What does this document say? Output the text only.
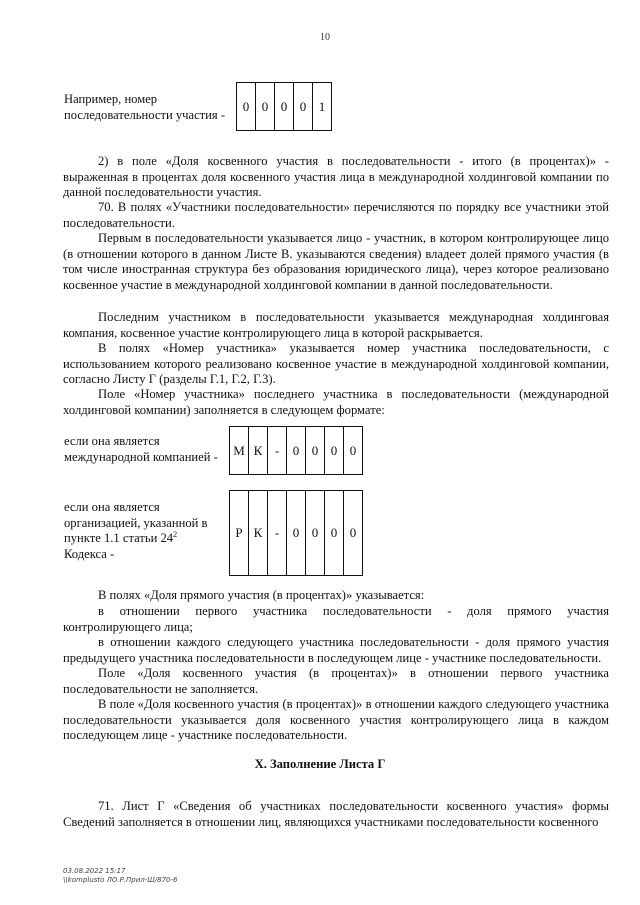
10
Например, номер
последовательности участия -
0 0 0 0 1
2) в поле «Доля косвенного участия в последовательности - итого (в процентах)» - выраженная в процентах доля косвенного участия лица в международной холдинговой компании по данной последовательности участия.
70. В полях «Участники последовательности» перечисляются по порядку все участники этой последовательности.
Первым в последовательности указывается лицо - участник, в котором контролирующее лицо (в отношении которого в данном Листе В. указываются сведения) владеет долей прямого участия (в том числе иностранная структура без образования юридического лица), через которое реализовано косвенное участие в международной холдинговой компании в данной последовательности.
Последним участником в последовательности указывается международная холдинговая компания, косвенное участие контролирующего лица в которой раскрывается.
В полях «Номер участника» указывается номер участника последовательности, с использованием которого реализовано косвенное участие в международной холдинговой компании, согласно Листу Г (разделы Г.1, Г.2, Г.3).
Поле «Номер участника» последнего участника в последовательности (международной холдинговой компании) заполняется в следующем формате:
если она является
международной компанией - М К -	0 0 0 0
если она является
организацией, указанной в
пункте 1.1 статьи $24^2$
Кодекса -
Р К -	0 0 0 0
В полях «Доля прямого участия (в процентах)» указывается:
в отношении первого участника последовательности - доля прямого участия контролирующего лица;
в отношении каждого следующего участника последовательности - доля прямого участия предыдущего участника последовательности в последующем лице - участнике последовательности.
Поле «Доля косвенного участия (в процентах)» в отношении первого участника последовательности не заполняется.
В поле «Доля косвенного участия (в процентах)» в отношении каждого следующего участника последовательности указывается доля косвенного участия контролирующего лица в каждом последующем лице - участнике последовательности.
X. Заполнение Листа Г
71. Лист Г «Сведения об участниках последовательности косвенного участия» формы Сведений заполняется в отношении лиц, являющихся участниками последовательности косвенного
03.08.2022 15:17
\\komplusto ЛО.Р.Прил-Ш/870-6
